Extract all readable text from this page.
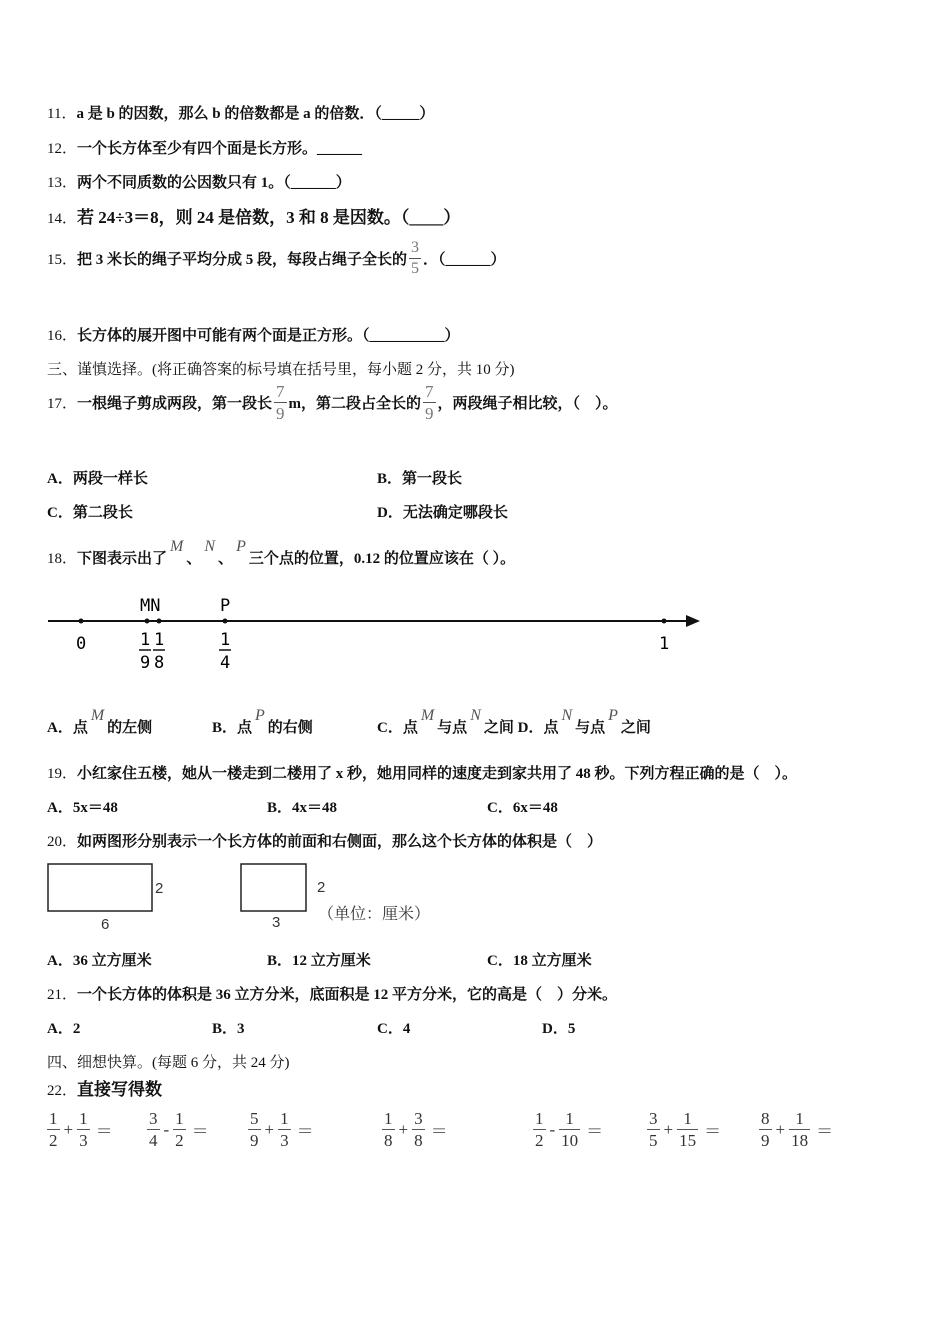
11．a 是 b 的因数，那么 b 的倍数都是 a 的倍数．（_____）
12．一个长方体至少有四个面是长方形。______
13．两个不同质数的公因数只有 1。（______）
14．若 24÷3＝8，则 24 是倍数，3 和 8 是因数。（____）
15． 把 3 米长的绳子平均分成 5 段，每段占绳子全长的 $\frac{3}{5}$ ．（______）
16．长方体的展开图中可能有两个面是正方形。（__________）
三、谨慎选择。(将正确答案的标号填在括号里，每小题 2 分，共 10 分)
17． 一根绳子剪成两段，第一段长 $\frac{7}{9}$ m，第二段占全长的 $\frac{7}{9}$ ，两段绳子相比较，（　）。
A．两段一样长	B．第一段长
C．第二段长	D．无法确定哪段长
18．下图表示出了M、N、P三个点的位置，0.12 的位置应该在（ ）。
MN	P
0	1
1
9
1
8
1
4
A．点M的左侧	B．点P的右侧	C．点M与点N之间 D．点N与点P之间
19．小红家住五楼，她从一楼走到二楼用了 x 秒，她用同样的速度走到家共用了 48 秒。下列方程正确的是（　）。
A．5x＝48	B．4x＝48	C．6x＝48
20．如两图形分别表示一个长方体的前面和右侧面，那么这个长方体的体积是（　）
2
6
2
3 （单位：厘米）
A．36 立方厘米	B．12 立方厘米	C．18 立方厘米
21．一个长方体的体积是 36 立方分米，底面积是 12 平方分米，它的高是（　）分米。
A．2	B．3	C．4	D．5
四、细想快算。(每题 6 分，共 24 分)
22．直接写得数
$\frac{1}{2} + \frac{1}{3} = \frac{3}{4} - \frac{1}{2} = \frac{5}{9} + \frac{1}{3}$ ＝	$\frac{1}{8} + \frac{3}{8}$ ＝	$\frac{1}{2} - \frac{1}{10}$ ＝	$\frac{3}{5} + \frac{1}{15} = \frac{8}{9} + \frac{1}{18}$ ＝
